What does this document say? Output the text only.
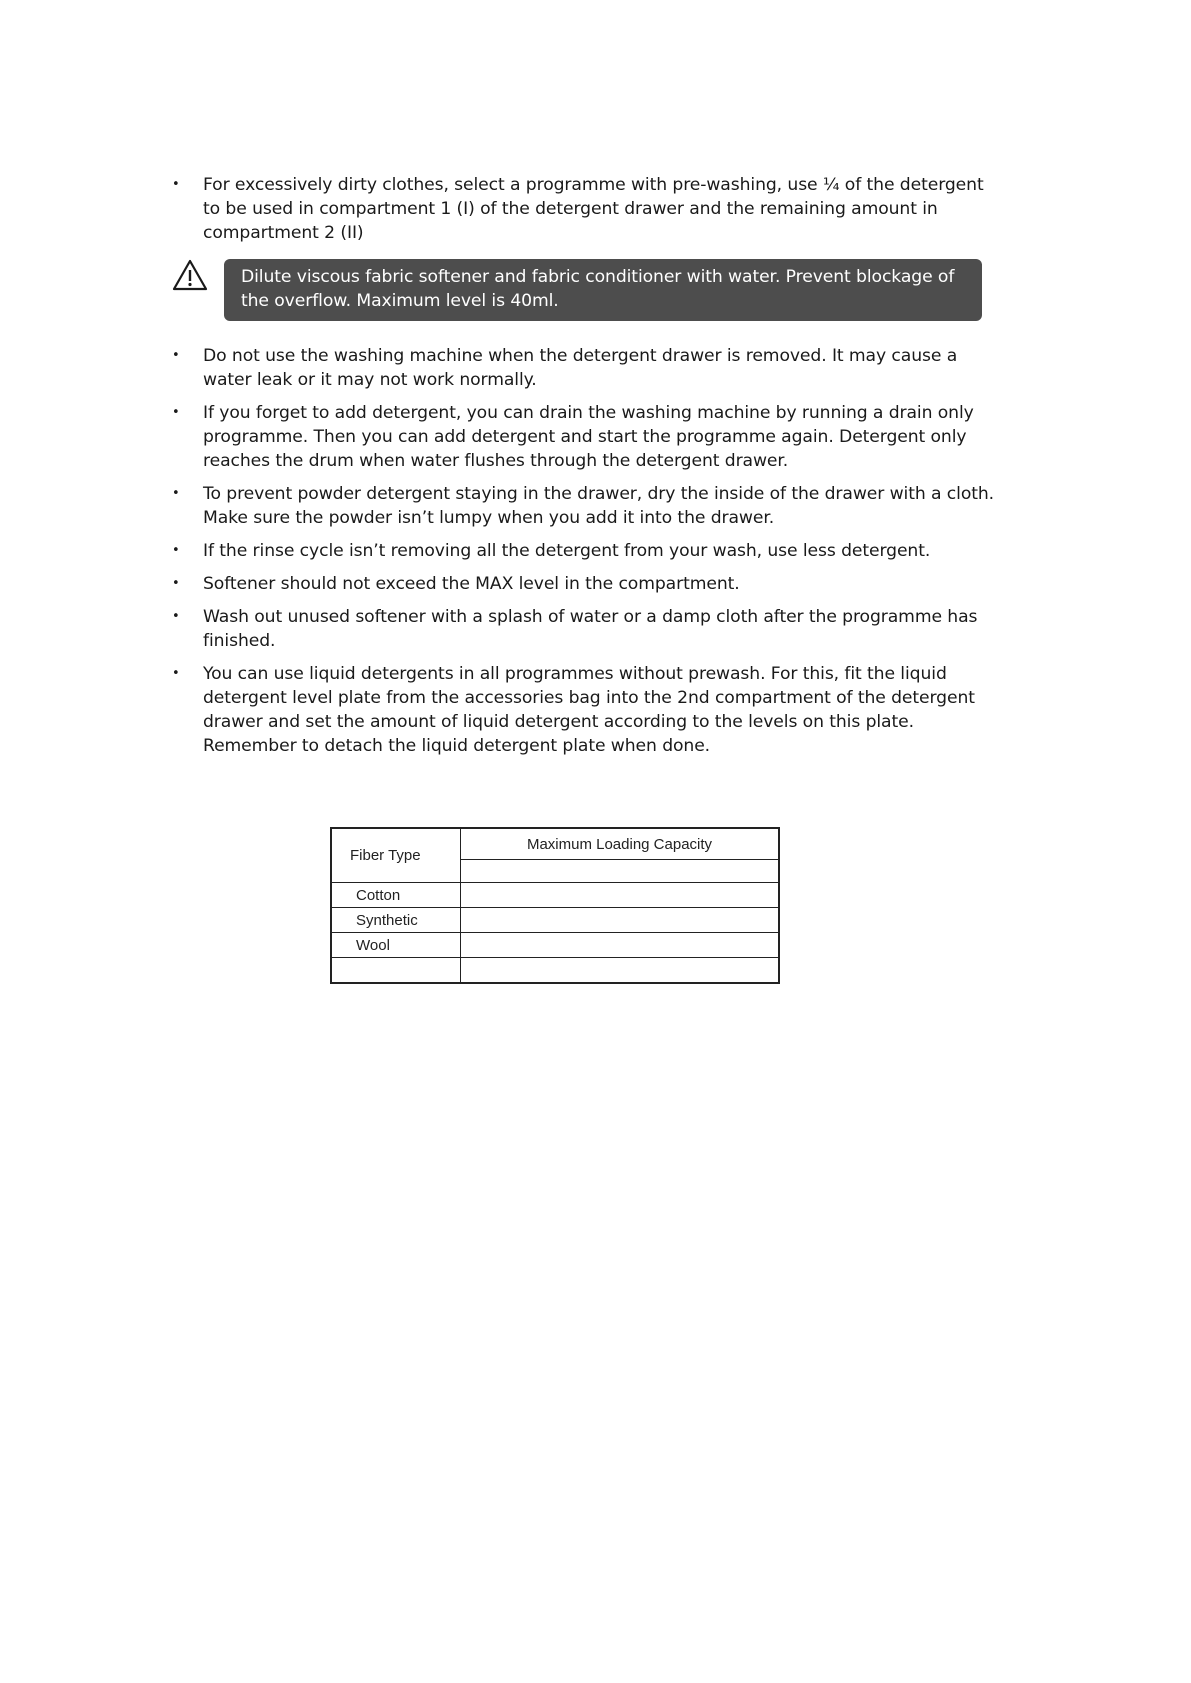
• For excessively dirty clothes, select a programme with pre-washing, use ¼ of the detergent to be used in compartment 1 (I) of the detergent drawer and the remaining amount in compartment 2 (II)
Dilute viscous fabric softener and fabric conditioner with water. Prevent blockage of the overflow. Maximum level is 40ml.
• Do not use the washing machine when the detergent drawer is removed. It may cause a water leak or it may not work normally.
• If you forget to add detergent, you can drain the washing machine by running a drain only programme. Then you can add detergent and start the programme again. Detergent only reaches the drum when water flushes through the detergent drawer.
• To prevent powder detergent staying in the drawer, dry the inside of the drawer with a cloth. Make sure the powder isn’t lumpy when you add it into the drawer.
• If the rinse cycle isn’t removing all the detergent from your wash, use less detergent.
• Softener should not exceed the MAX level in the compartment.
• Wash out unused softener with a splash of water or a damp cloth after the programme has finished.
• You can use liquid detergents in all programmes without prewash. For this, fit the liquid detergent level plate from the accessories bag into the 2nd compartment of the detergent drawer and set the amount of liquid detergent according to the levels on this plate. Remember to detach the liquid detergent plate when done.
Fiber Type	Maximum Loading Capacity

Cotton	
Synthetic	
Wool	
